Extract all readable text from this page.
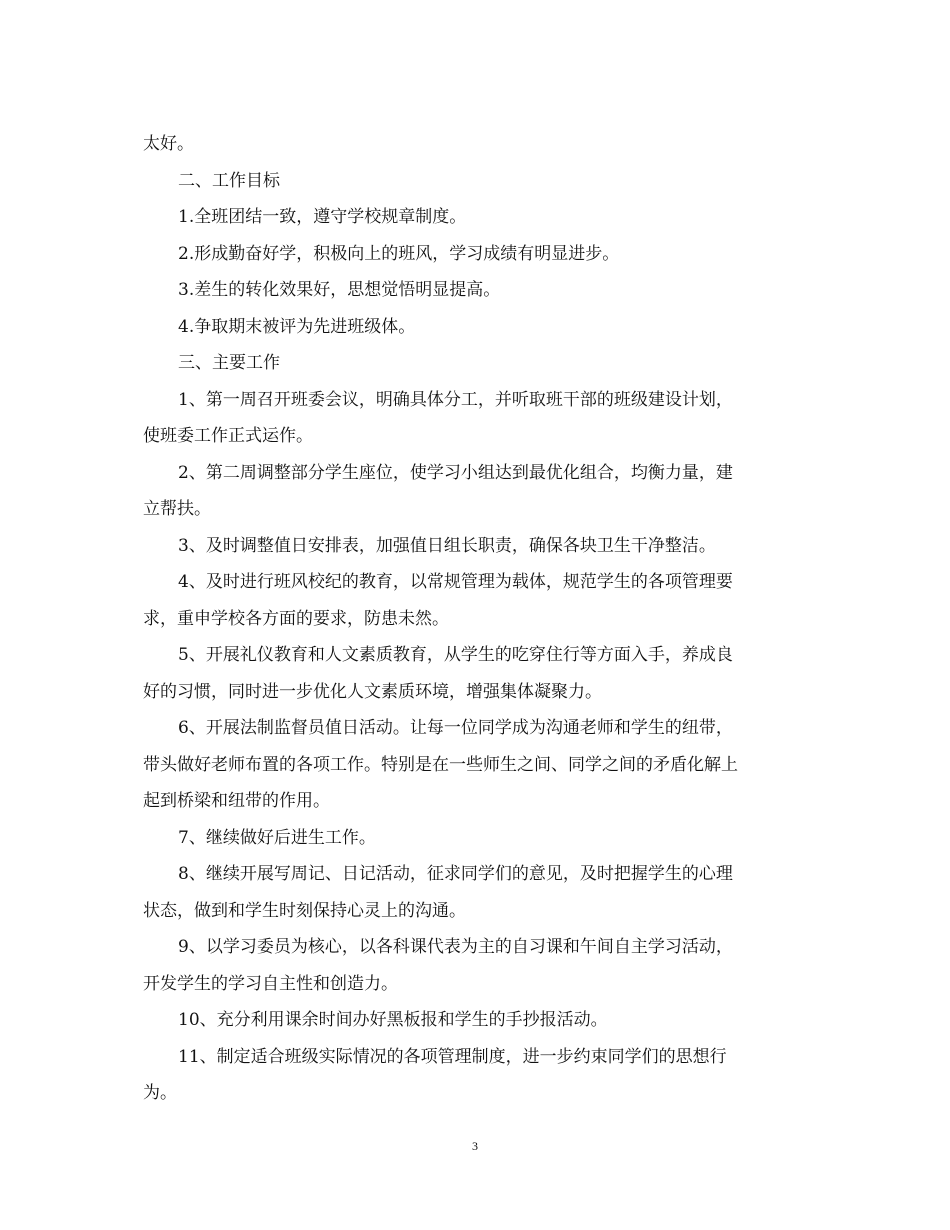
太好。
二、工作目标
1.全班团结一致，遵守学校规章制度。
2.形成勤奋好学，积极向上的班风，学习成绩有明显进步。
3.差生的转化效果好，思想觉悟明显提高。
4.争取期末被评为先进班级体。
三、主要工作
1、第一周召开班委会议，明确具体分工，并听取班干部的班级建设计划，
使班委工作正式运作。
2、第二周调整部分学生座位，使学习小组达到最优化组合，均衡力量，建
立帮扶。
3、及时调整值日安排表，加强值日组长职责，确保各块卫生干净整洁。
4、及时进行班风校纪的教育，以常规管理为载体，规范学生的各项管理要
求，重申学校各方面的要求，防患未然。
5、开展礼仪教育和人文素质教育，从学生的吃穿住行等方面入手，养成良
好的习惯，同时进一步优化人文素质环境，增强集体凝聚力。
6、开展法制监督员值日活动。让每一位同学成为沟通老师和学生的纽带，
带头做好老师布置的各项工作。特别是在一些师生之间、同学之间的矛盾化解上
起到桥梁和纽带的作用。
7、继续做好后进生工作。
8、继续开展写周记、日记活动，征求同学们的意见，及时把握学生的心理
状态，做到和学生时刻保持心灵上的沟通。
9、以学习委员为核心，以各科课代表为主的自习课和午间自主学习活动，
开发学生的学习自主性和创造力。
10、充分利用课余时间办好黑板报和学生的手抄报活动。
11、制定适合班级实际情况的各项管理制度，进一步约束同学们的思想行
为。
3
